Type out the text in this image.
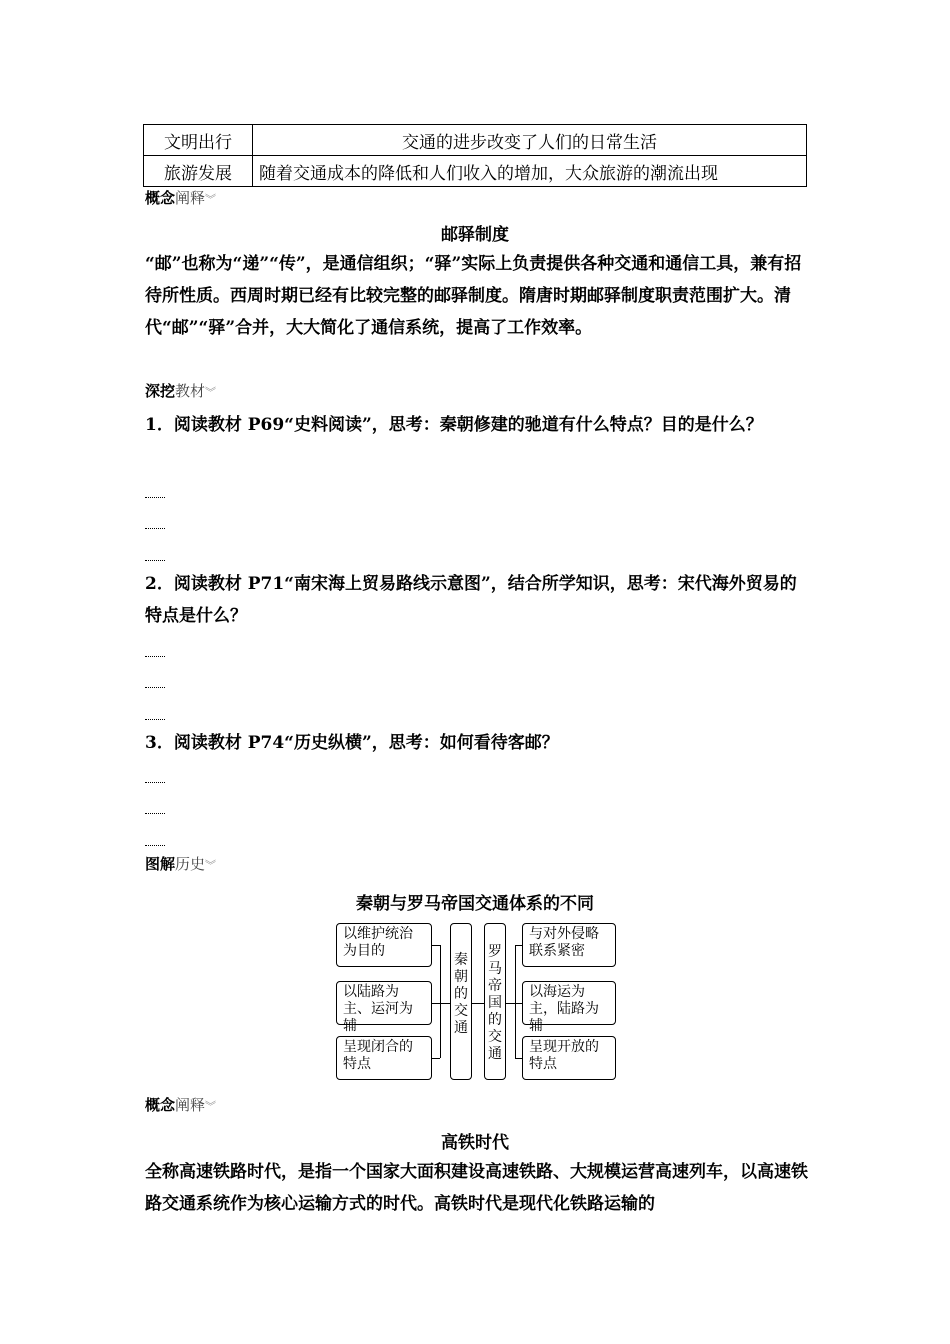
文明出行	交通的进步改变了人们的日常生活
旅游发展	随着交通成本的降低和人们收入的增加，大众旅游的潮流出现
概念阐释︾
邮驿制度
“邮”也称为“递”“传”，是通信组织；“驿”实际上负责提供各种交通和通信工具，兼有招待所性质。西周时期已经有比较完整的邮驿制度。隋唐时期邮驿制度职责范围扩大。清代“邮”“驿”合并，大大简化了通信系统，提高了工作效率。
深挖教材︾
1．阅读教材 P69“史料阅读”，思考：秦朝修建的驰道有什么特点？目的是什么？
2．阅读教材 P71“南宋海上贸易路线示意图”，结合所学知识，思考：宋代海外贸易的特点是什么？
3．阅读教材 P74“历史纵横”，思考：如何看待客邮？
图解历史︾
秦朝与罗马帝国交通体系的不同
以维护统治为目的
以陆路为主、运河为辅
呈现闭合的特点
秦朝的交通
罗马帝国的交通
与对外侵略联系紧密
以海运为主，陆路为辅
呈现开放的特点
概念阐释︾
高铁时代
全称高速铁路时代，是指一个国家大面积建设高速铁路、大规模运营高速列车，以高速铁路交通系统作为核心运输方式的时代。高铁时代是现代化铁路运输的
